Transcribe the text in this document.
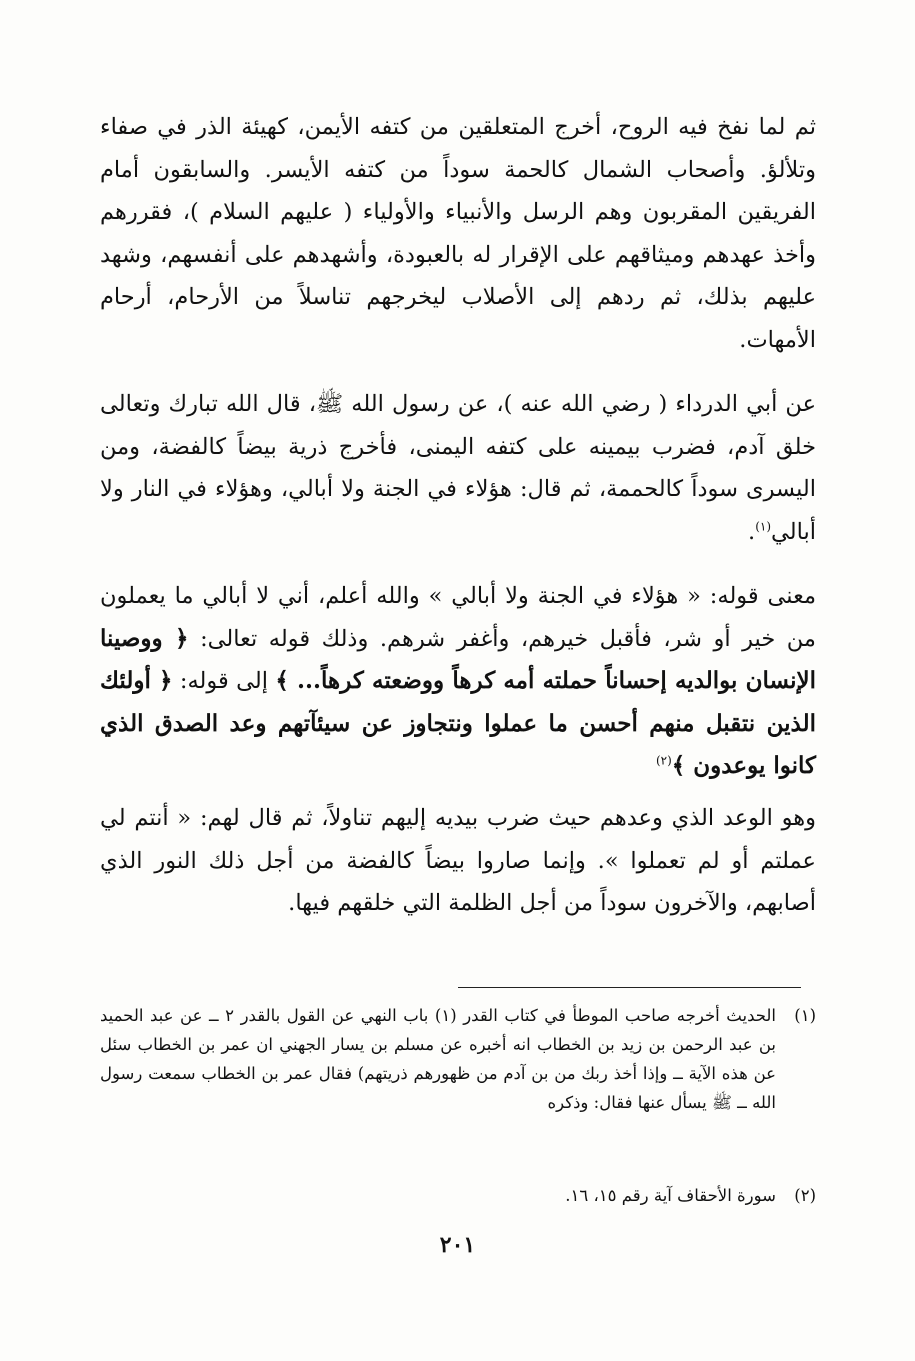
ثم لما نفخ فيه الروح، أخرج المتعلقين من كتفه الأيمن، كهيئة الذر في صفاء وتلألؤ. وأصحاب الشمال كالحمة سوداً من كتفه الأيسر. والسابقون أمام الفريقين المقربون وهم الرسل والأنبياء والأولياء ( عليهم السلام )، فقررهم وأخذ عهدهم وميثاقهم على الإقرار له بالعبودة، وأشهدهم على أنفسهم، وشهد عليهم بذلك، ثم ردهم إلى الأصلاب ليخرجهم تناسلاً من الأرحام، أرحام الأمهات.

عن أبي الدرداء ( رضي الله عنه )، عن رسول الله ﷺ، قال الله تبارك وتعالى خلق آدم، فضرب بيمينه على كتفه اليمنى، فأخرج ذرية بيضاً كالفضة، ومن اليسرى سوداً كالحممة، ثم قال: هؤلاء في الجنة ولا أبالي، وهؤلاء في النار ولا أبالي$^{(١)}$.

معنى قوله: « هؤلاء في الجنة ولا أبالي » والله أعلم، أني لا أبالي ما يعملون من خير أو شر، فأقبل خيرهم، وأغفر شرهم. وذلك قوله تعالى: ﴿ ووصينا الإنسان بوالديه إحساناً حملته أمه كرهاً ووضعته كرهاً... ﴾ إلى قوله: ﴿ أولئك الذين نتقبل منهم أحسن ما عملوا ونتجاوز عن سيئآتهم وعد الصدق الذي كانوا يوعدون ﴾$^{(٢)}$

وهو الوعد الذي وعدهم حيث ضرب بيديه إليهم تناولاً، ثم قال لهم: « أنتم لي عملتم أو لم تعملوا ». وإنما صاروا بيضاً كالفضة من أجل ذلك النور الذي أصابهم، والآخرون سوداً من أجل الظلمة التي خلقهم فيها.

(١)
الحديث أخرجه صاحب الموطأ في كتاب القدر (١) باب النهي عن القول بالقدر ٢ ــ عن عبد الحميد بن عبد الرحمن بن زيد بن الخطاب انه أخبره عن مسلم بن يسار الجهني ان عمر بن الخطاب سئل عن هذه الآية ــ وإذا أخذ ربك من بن آدم من ظهورهم ذريتهم) فقال عمر بن الخطاب سمعت رسول الله ــ ﷺ يسأل عنها فقال: وذكره
(٢)
سورة الأحقاف آية رقم ١٥، ١٦.
٢٠١
